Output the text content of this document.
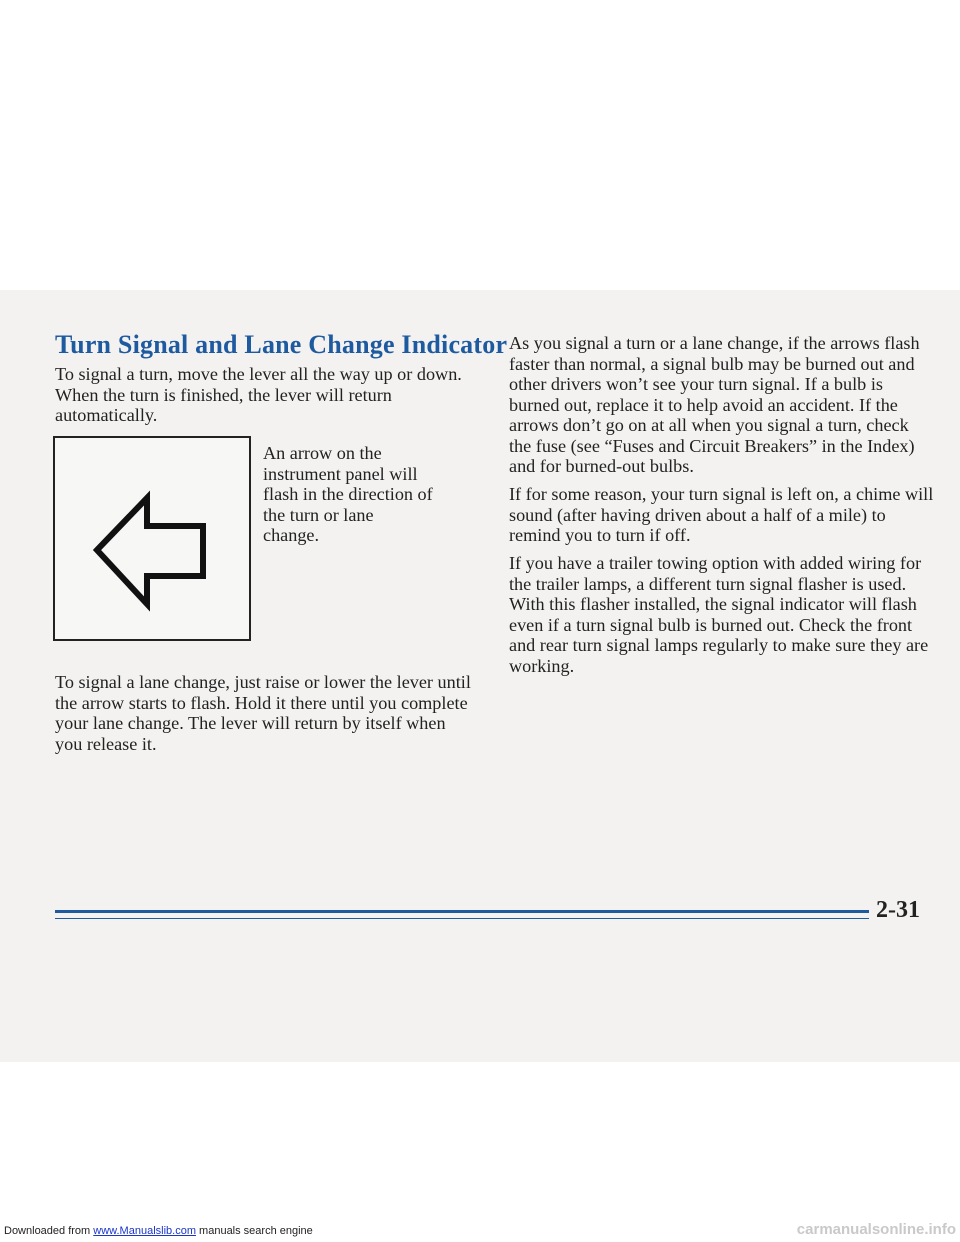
Turn Signal and Lane Change Indicator

To signal a turn, move the lever all the way up or down. When the turn is finished, the lever will return automatically.

An arrow on the instrument panel will flash in the direction of the turn or lane change.

To signal a lane change, just raise or lower the lever until the arrow starts to flash. Hold it there until you complete your lane change. The lever will return by itself when you release it.

As you signal a turn or a lane change, if the arrows flash faster than normal, a signal bulb may be burned out and other drivers won’t see your turn signal. If a bulb is burned out, replace it to help avoid an accident. If the arrows don’t go on at all when you signal a turn, check the fuse (see “Fuses and Circuit Breakers” in the Index) and for burned-out bulbs.

If for some reason, your turn signal is left on, a chime will sound (after having driven about a half of a mile) to remind you to turn if off.

If you have a trailer towing option with added wiring for the trailer lamps, a different turn signal flasher is used. With this flasher installed, the signal indicator will flash even if a turn signal bulb is burned out. Check the front and rear turn signal lamps regularly to make sure they are working.

2-31

Downloaded from www.Manualslib.com manuals search engine	carmanualsonline.info
